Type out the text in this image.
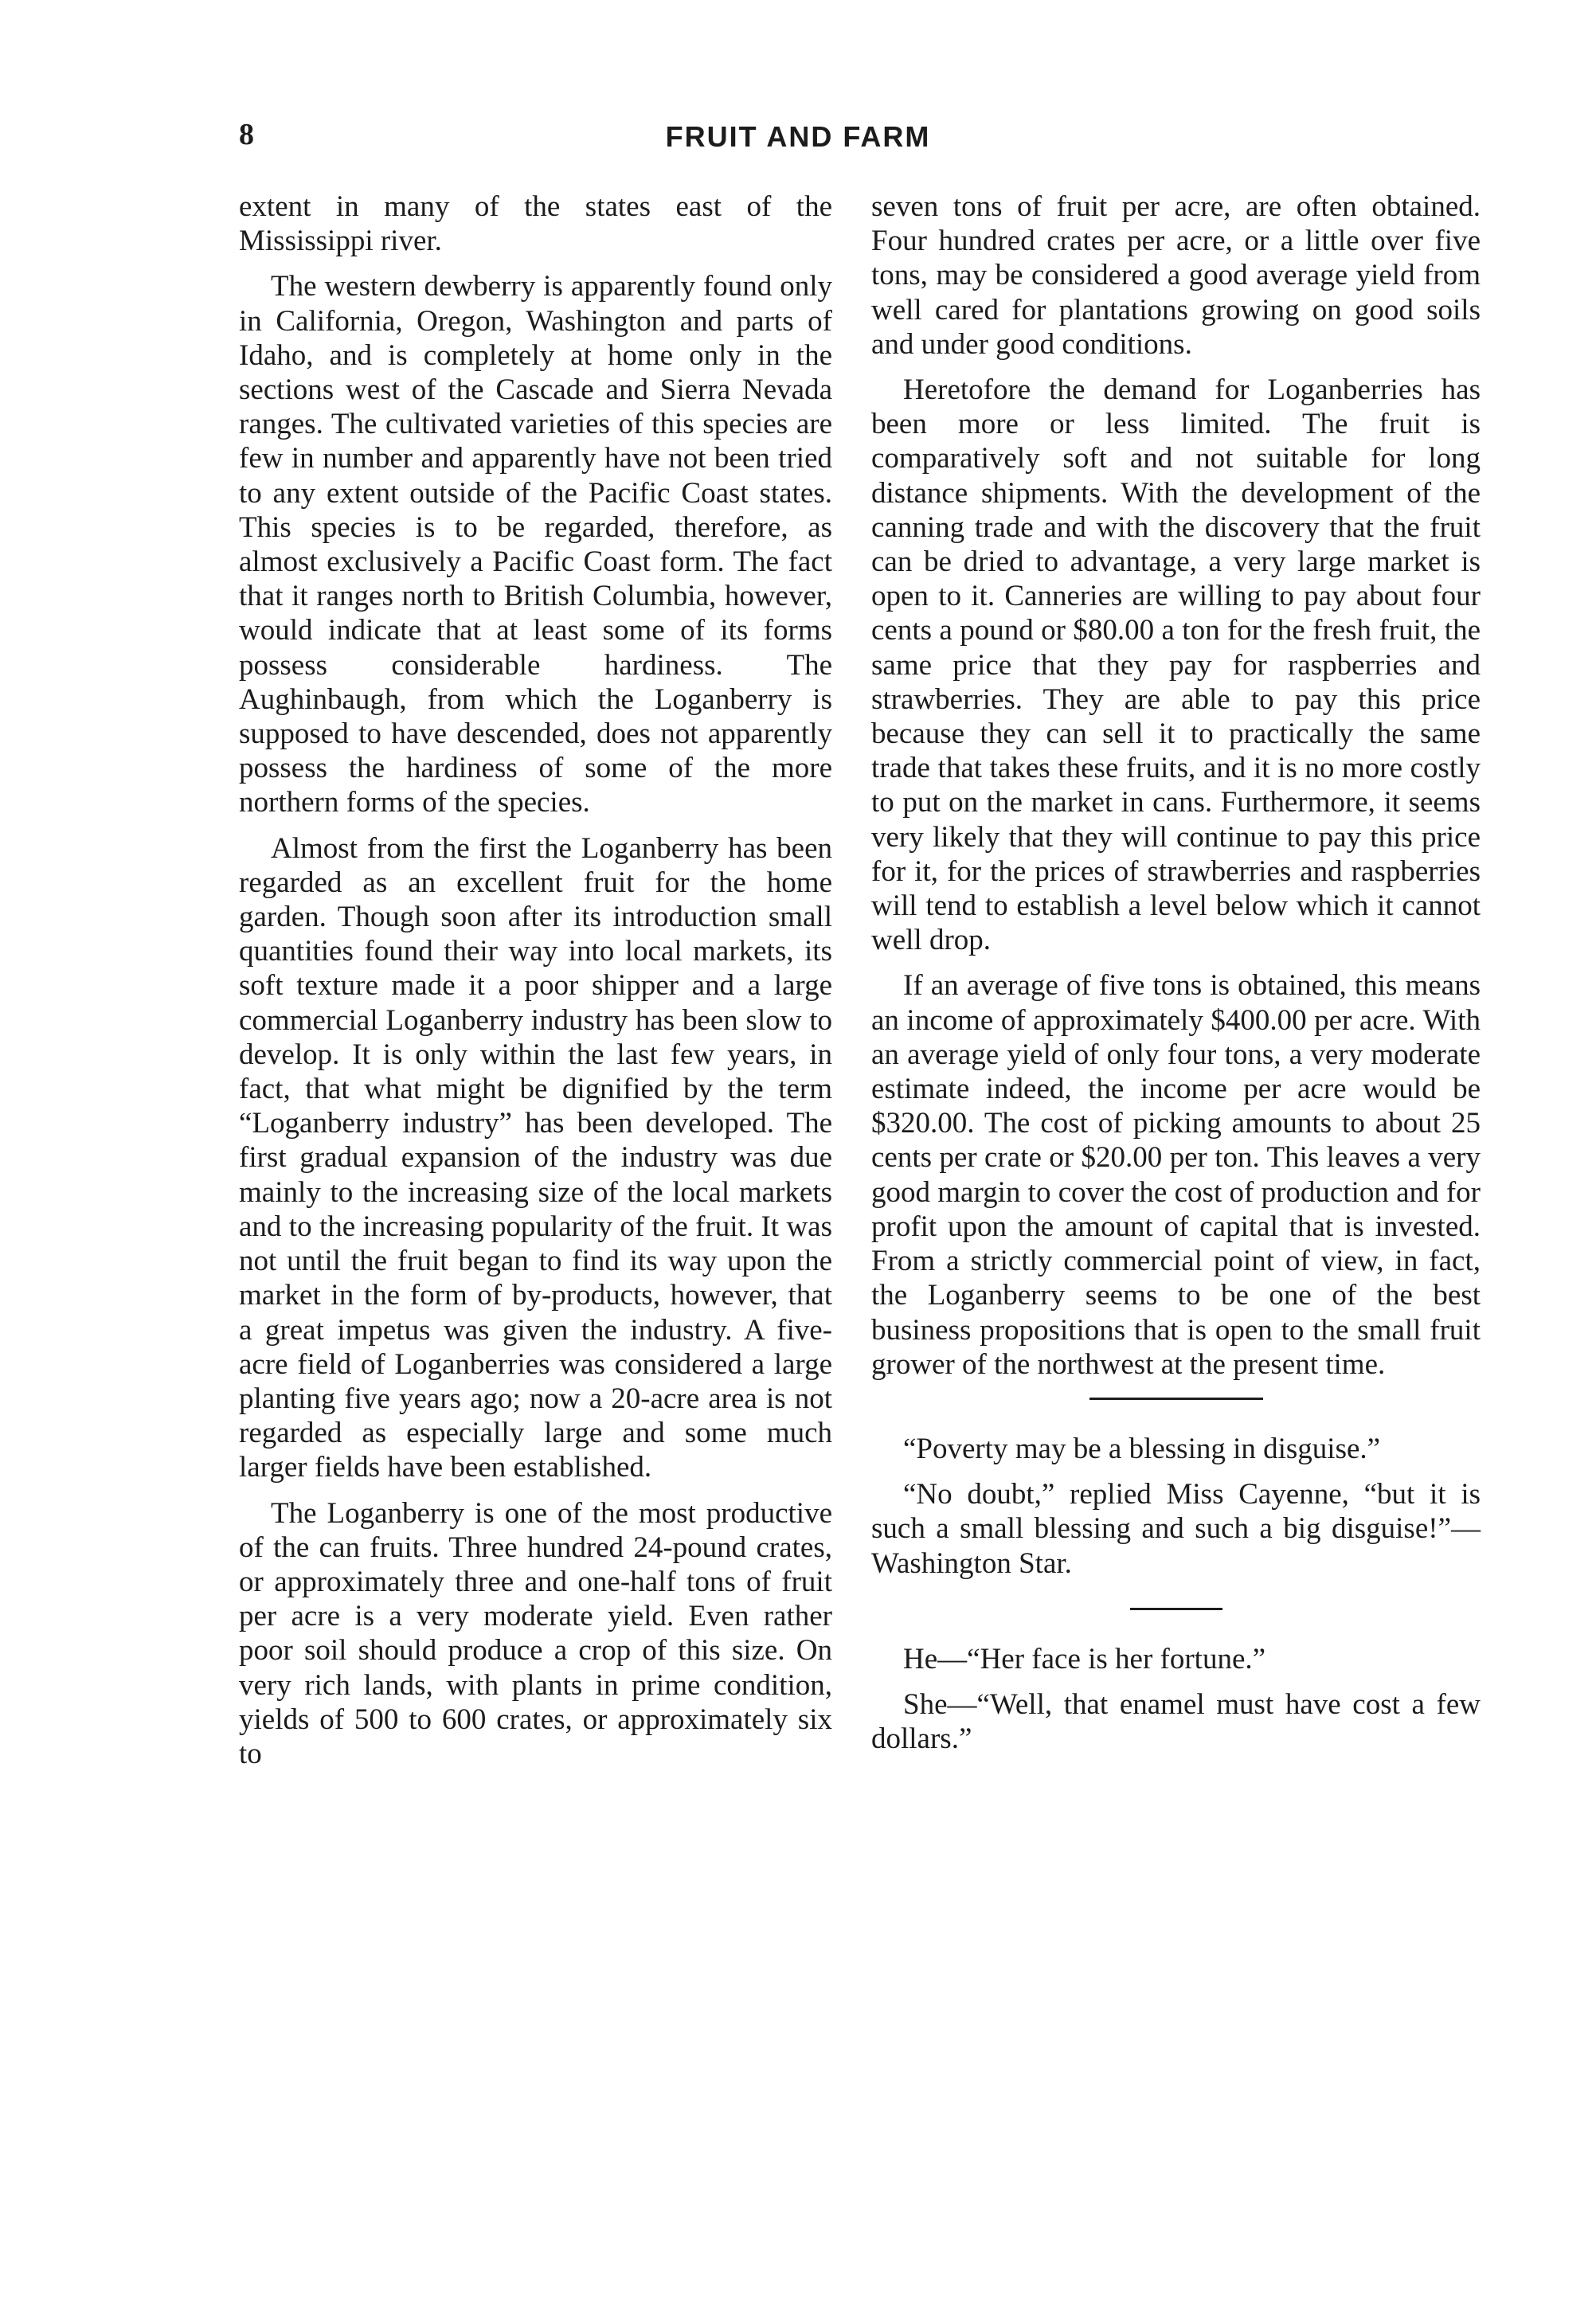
8	FRUIT AND FARM

extent in many of the states east of the Mississippi river.

The western dewberry is apparently found only in California, Oregon, Washington and parts of Idaho, and is completely at home only in the sections west of the Cascade and Sierra Nevada ranges. The cultivated varieties of this species are few in number and apparently have not been tried to any extent outside of the Pacific Coast states. This species is to be regarded, therefore, as almost exclusively a Pacific Coast form. The fact that it ranges north to British Columbia, however, would indicate that at least some of its forms possess considerable hardiness. The Aughinbaugh, from which the Loganberry is supposed to have descended, does not apparently possess the hardiness of some of the more northern forms of the species.

Almost from the first the Loganberry has been regarded as an excellent fruit for the home garden. Though soon after its introduction small quantities found their way into local markets, its soft texture made it a poor shipper and a large commercial Loganberry industry has been slow to develop. It is only within the last few years, in fact, that what might be dignified by the term “Loganberry industry” has been developed. The first gradual expansion of the industry was due mainly to the increasing size of the local markets and to the increasing popularity of the fruit. It was not until the fruit began to find its way upon the market in the form of by-products, however, that a great impetus was given the industry. A five-acre field of Loganberries was considered a large planting five years ago; now a 20-acre area is not regarded as especially large and some much larger fields have been established.

The Loganberry is one of the most productive of the can fruits. Three hundred 24-pound crates, or approximately three and one-half tons of fruit per acre is a very moderate yield. Even rather poor soil should produce a crop of this size. On very rich lands, with plants in prime condition, yields of 500 to 600 crates, or approximately six to

seven tons of fruit per acre, are often obtained. Four hundred crates per acre, or a little over five tons, may be considered a good average yield from well cared for plantations growing on good soils and under good conditions.

Heretofore the demand for Loganberries has been more or less limited. The fruit is comparatively soft and not suitable for long distance shipments. With the development of the canning trade and with the discovery that the fruit can be dried to advantage, a very large market is open to it. Canneries are willing to pay about four cents a pound or $80.00 a ton for the fresh fruit, the same price that they pay for raspberries and strawberries. They are able to pay this price because they can sell it to practically the same trade that takes these fruits, and it is no more costly to put on the market in cans. Furthermore, it seems very likely that they will continue to pay this price for it, for the prices of strawberries and raspberries will tend to establish a level below which it cannot well drop.

If an average of five tons is obtained, this means an income of approximately $400.00 per acre. With an average yield of only four tons, a very moderate estimate indeed, the income per acre would be $320.00. The cost of picking amounts to about 25 cents per crate or $20.00 per ton. This leaves a very good margin to cover the cost of production and for profit upon the amount of capital that is invested. From a strictly commercial point of view, in fact, the Loganberry seems to be one of the best business propositions that is open to the small fruit grower of the northwest at the present time.

“Poverty may be a blessing in disguise.”

“No doubt,” replied Miss Cayenne, “but it is such a small blessing and such a big disguise!”—Washington Star.

He—“Her face is her fortune.”

She—“Well, that enamel must have cost a few dollars.”
